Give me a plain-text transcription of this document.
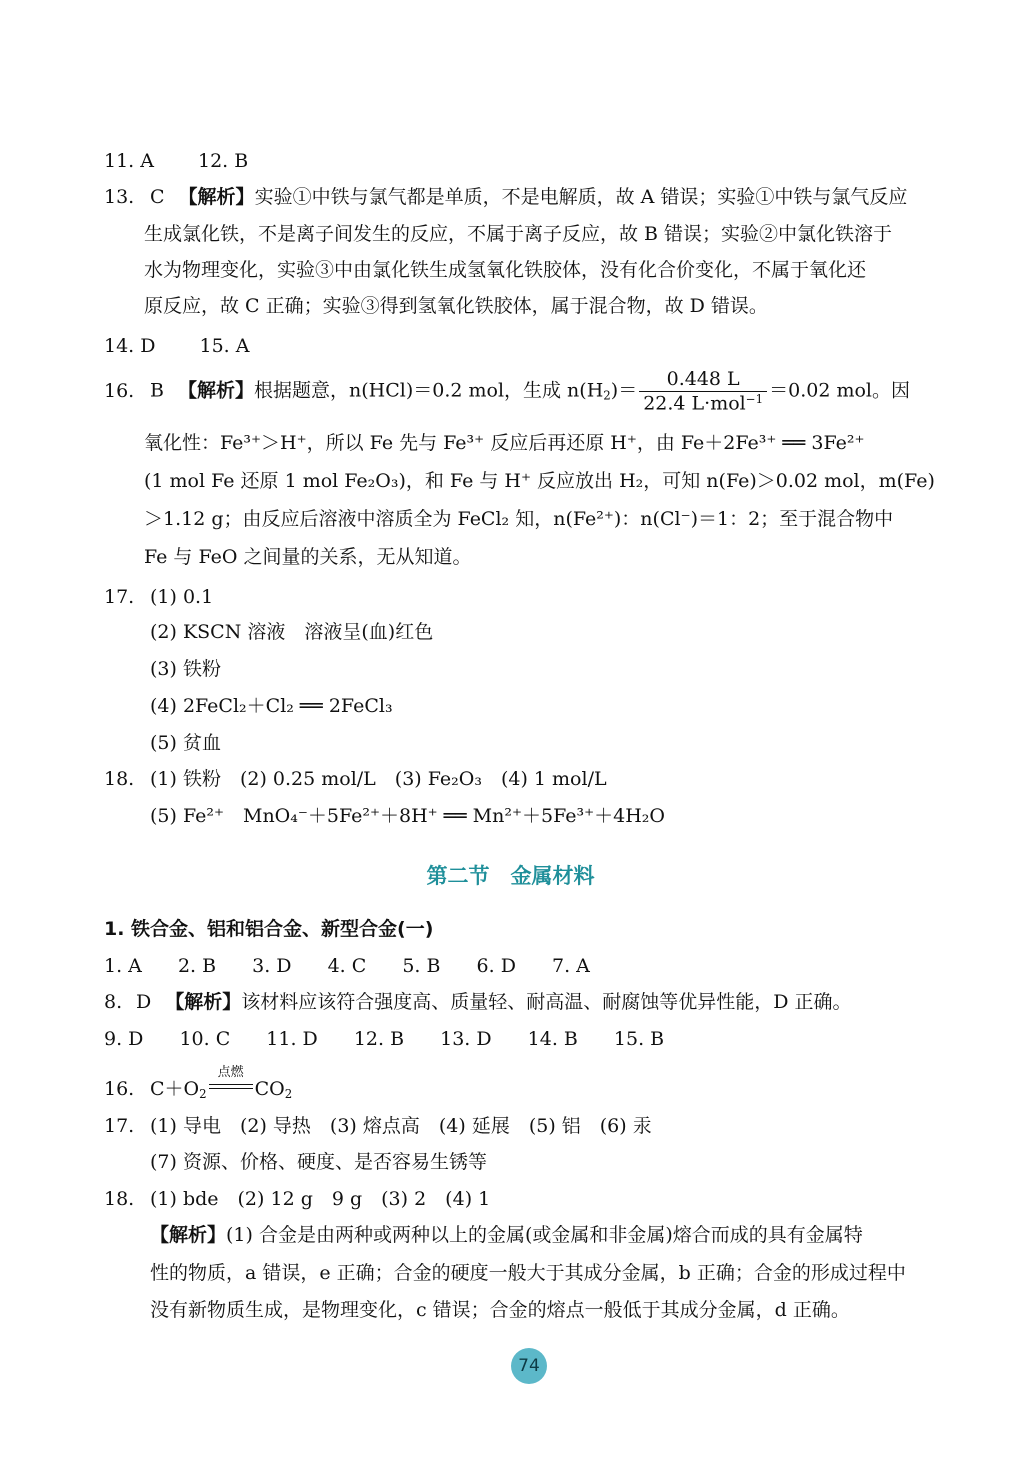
11. A 12. B
13. C 【解析】实验①中铁与氯气都是单质，不是电解质，故 A 错误；实验①中铁与氯气反应
生成氯化铁，不是离子间发生的反应，不属于离子反应，故 B 错误；实验②中氯化铁溶于
水为物理变化，实验③中由氯化铁生成氢氧化铁胶体，没有化合价变化，不属于氧化还
原反应，故 C 正确；实验③得到氢氧化铁胶体，属于混合物，故 D 错误。
14. D 15. A
16. B 【解析】根据题意，n(HCl)＝0.2 mol，生成 $n(H_2)= \frac{0.448 L}{22.4 L\cdot mol^{-1}} =0.02$ mol。因
氧化性：Fe³⁺＞H⁺，所以 Fe 先与 Fe³⁺ 反应后再还原 H⁺，由 Fe＋2Fe³⁺ ══ 3Fe²⁺
(1 mol Fe 还原 1 mol Fe₂O₃)，和 Fe 与 H⁺ 反应放出 H₂，可知 n(Fe)＞0.02 mol，m(Fe)
＞1.12 g；由反应后溶液中溶质全为 FeCl₂ 知，n(Fe²⁺)：n(Cl⁻)＝1：2；至于混合物中
Fe 与 FeO 之间量的关系，无从知道。
17. (1) 0.1
(2) KSCN 溶液　溶液呈(血)红色
(3) 铁粉
(4) 2FeCl₂＋Cl₂ ══ 2FeCl₃
(5) 贫血
18. (1) 铁粉　(2) 0.25 mol/L　(3) Fe₂O₃　(4) 1 mol/L
(5) Fe²⁺　MnO₄⁻＋5Fe²⁺＋8H⁺ ══ Mn²⁺＋5Fe³⁺＋4H₂O
第二节　金属材料
1. 铁合金、铝和铝合金、新型合金(一)
1. A 2. B 3. D 4. C 5. B 6. D 7. A
8. D 【解析】该材料应该符合强度高、质量轻、耐高温、耐腐蚀等优异性能，D 正确。
9. D 10. C 11. D 12. B 13. D 14. B 15. B
16. $C+O_2$
点燃
$CO_2$
17. (1) 导电　(2) 导热　(3) 熔点高　(4) 延展　(5) 铝　(6) 汞
(7) 资源、价格、硬度、是否容易生锈等
18. (1) bde　(2) 12 g　9 g　(3) 2　(4) 1
【解析】(1) 合金是由两种或两种以上的金属(或金属和非金属)熔合而成的具有金属特
性的物质，a 错误，e 正确；合金的硬度一般大于其成分金属，b 正确；合金的形成过程中
没有新物质生成，是物理变化，c 错误；合金的熔点一般低于其成分金属，d 正确。
74
